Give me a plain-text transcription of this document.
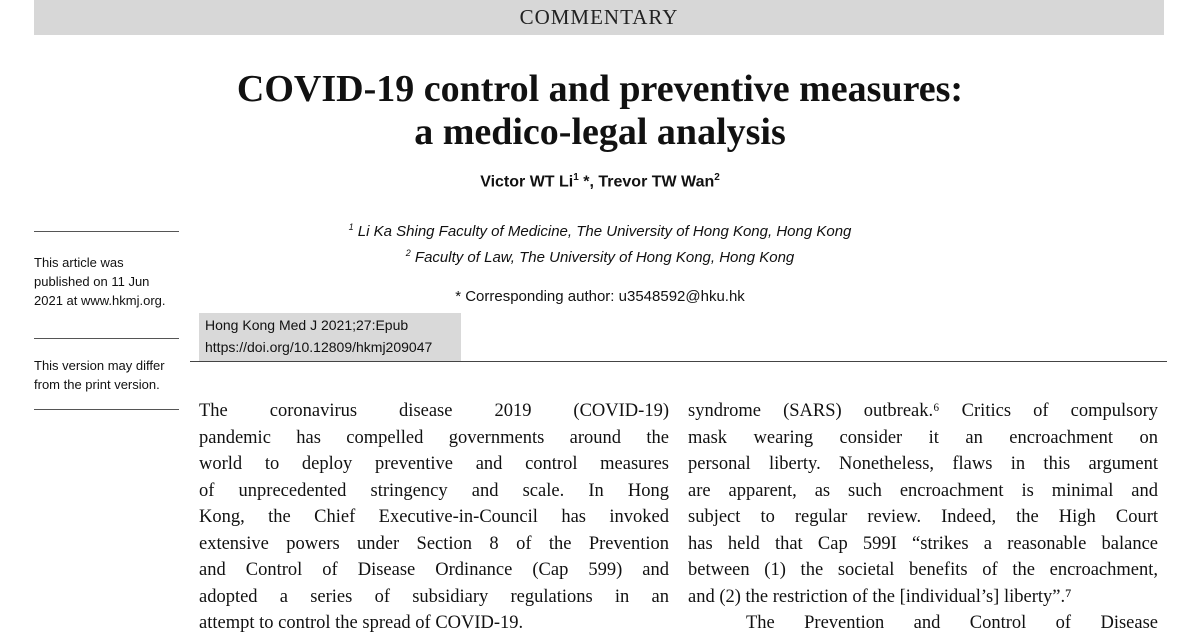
COMMENTARY
COVID-19 control and preventive measures:
a medico-legal analysis
Victor WT Li$^1$ *, Trevor TW Wan$^2$
$^1$ Li Ka Shing Faculty of Medicine, The University of Hong Kong, Hong Kong
$^2$ Faculty of Law, The University of Hong Kong, Hong Kong
* Corresponding author: u3548592@hku.hk
This article was
published on 11 Jun
2021 at www.hkmj.org.
This version may differ
from the print version.
Hong Kong Med J 2021;27:Epub
https://doi.org/10.12809/hkmj209047
The coronavirus disease 2019 (COVID-19)
pandemic has compelled governments around the
world to deploy preventive and control measures
of unprecedented stringency and scale. In Hong
Kong, the Chief Executive-in-Council has invoked
extensive powers under Section 8 of the Prevention
and Control of Disease Ordinance (Cap 599) and
adopted a series of subsidiary regulations in an
attempt to control the spread of COVID-19.
syndrome (SARS) outbreak.⁶ Critics of compulsory
mask wearing consider it an encroachment on
personal liberty. Nonetheless, flaws in this argument
are apparent, as such encroachment is minimal and
subject to regular review. Indeed, the High Court
has held that Cap 599I “strikes a reasonable balance
between (1) the societal benefits of the encroachment,
and (2) the restriction of the [individual’s] liberty”.⁷
The Prevention and Control of Disease
